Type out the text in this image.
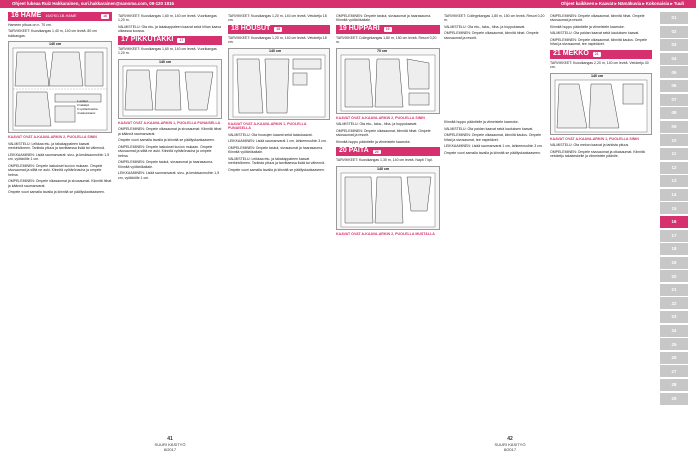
Ohjeet lukeaa Ruiz Hakkarainen, suri.hakkarainen@sanoma.com, 09-120 1816	Ohjeet kaikkeen ▸ Kaavat ▸ Nämäkuvia ▸ Kokonaisia ▸ Tuuli
16 HAME 1647K0-1B-HAME	16

Hameen pituus on n. 70 cm.

TARVIKKEET: Kuosikangas 1,40 m, 140 cm leveä. 80 cm tukikangas.

140 cm
1 etukpl.
2 takakpl.
3 vyötärönauha
4 taskunkansi
KAAVAT OVAT A-KAAVA-ARKIN 2, PUOLELLA SININ

VALMISTELU: Leikkaa etu- ja takakappaleen kaavat merkintöineen. Tarkista pituus ja tarvittaessa lisää tai vähennä.

LEIKKAAMINEN: Lisää saumanvarat: sivu- ja keskisaumoihin 1,5 cm, vyötärölle 1 cm.

OMPELEMINEN: Ompele laskokset kuvion mukaan. Ompele sivusaumat ja silitä ne auki. Kiinnitä vyötärönauha ja ompele helma.

OMPELEMINEN: Ompele olkasaumat ja sivusaumat. Kiinnitä hihat ja käännä saumanvarat.

Ompele vuori samalla tavalla ja kiinnitä se päällyskankaaseen.

TARVIKKEET: Kuosikangas 1,60 m, 140 cm leveä. Vuorikangas 1,20 m.

VALMISTELU: Ota etu- ja takakappaleen kaavat sekä hihan kaava oikeassa koossa.

17 PIKKUTAKKI	17

TARVIKKEET: Kuosikangas 1,60 m, 140 cm leveä. Vuorikangas 1,20 m.

140 cm
KAAVAT OVAT A-KAAVA-ARKIN 1, PUOLELLA PUNAISELLA

OMPELEMINEN: Ompele olkasaumat ja sivusaumat. Kiinnitä hihat ja käännä saumanvarat.

Ompele vuori samalla tavalla ja kiinnitä se päällyskankaaseen.

OMPELEMINEN: Ompele laskokset kuvion mukaan. Ompele sivusaumat ja silitä ne auki. Kiinnitä vyötärönauha ja ompele helma.

OMPELEMINEN: Ompele taskut, sivusaumat ja haarasauma. Kiinnitä vyötärökaitale.

LEIKKAAMINEN: Lisää saumanvarat: sivu- ja keskisaumoihin 1,5 cm, vyötärölle 1 cm.

TARVIKKEET: Kuosikangas 1,20 m, 140 cm leveä. Vetoketju 18 cm.

18 HOUSUT	18

TARVIKKEET: Kuosikangas 1,20 m, 140 cm leveä. Vetoketju 18 cm.

140 cm
KAAVAT OVAT A-KAAVA-ARKIN 1, PUOLELLA PUNAISELLA

VALMISTELU: Ota housujen kaavat sekä taskukaavat.

LEIKKAAMINEN: Lisää saumanvarat 1 cm, lahkeensuihin 3 cm.

OMPELEMINEN: Ompele taskut, sivusaumat ja haarasauma. Kiinnitä vyötärökaitale.

VALMISTELU: Leikkaa etu- ja takakappaleen kaavat merkintöineen. Tarkista pituus ja tarvittaessa lisää tai vähennä.

Ompele vuori samalla tavalla ja kiinnitä se päällyskankaaseen.

OMPELEMINEN: Ompele taskut, sivusaumat ja haarasauma. Kiinnitä vyötärökaitale.

19 HUPPARI	19

TARVIKKEET: Collegekangas 1,80 m, 150 cm leveä. Resori 0,20 m.

70 cm
KAAVAT OVAT A-KAAVA-ARKIN 2, PUOLELLA SININ

VALMISTELU: Ota etu-, taka-, hiha- ja huppukaavat.

OMPELEMINEN: Ompele olkasaumat, kiinnitä hihat. Ompele sivusaumat ja resorit.

Kiinnitä huppu pääntielle ja viimeistele kaarroke.

20 PAITA	20

TARVIKKEET: Kuosikangas 1,30 m, 140 cm leveä. Napit 7 kpl.

140 cm
KAAVAT OVAT A-KAAVA-ARKIN 2, PUOLELLA MUSTALLA

TARVIKKEET: Collegekangas 1,80 m, 150 cm leveä. Resori 0,20 m.

VALMISTELU: Ota etu-, taka-, hiha- ja huppukaavat.

OMPELEMINEN: Ompele olkasaumat, kiinnitä hihat. Ompele sivusaumat ja resorit.

Kiinnitä huppu pääntielle ja viimeistele kaarroke.

VALMISTELU: Ota paidan kaavat sekä kauluksen kaavat.

OMPELEMINEN: Ompele olkasaumat, kiinnitä kaulus. Ompele hihat ja sivusaumat, tee napinlävet.

LEIKKAAMINEN: Lisää saumanvarat 1 cm, lahkeensuihin 3 cm.

Ompele vuori samalla tavalla ja kiinnitä se päällyskankaaseen.

OMPELEMINEN: Ompele olkasaumat, kiinnitä hihat. Ompele sivusaumat ja resorit.

Kiinnitä huppu pääntielle ja viimeistele kaarroke.

VALMISTELU: Ota paidan kaavat sekä kauluksen kaavat.

OMPELEMINEN: Ompele olkasaumat, kiinnitä kaulus. Ompele hihat ja sivusaumat, tee napinlävet.

21 MEKKO	21

TARVIKKEET: Kuosikangas 2,20 m, 140 cm leveä. Vetoketju 40 cm.

140 cm
KAAVAT OVAT A-KAAVA-ARKIN 1, PUOLELLA SININ

VALMISTELU: Ota mekon kaavat ja tarkista pituus.

OMPELEMINEN: Ompele sivusaumat ja olkasaumat. Kiinnitä vetoketju takakeskelle ja viimeistele pääntie.

01
02
03
04
05
06
07
08
09
10
11
12
13
14
15
16
17
18
19
20
21
22
23
24
25
26
27
28
29
41
SUURI KÄSITYÖ 8/2017
42
SUURI KÄSITYÖ 8/2017
